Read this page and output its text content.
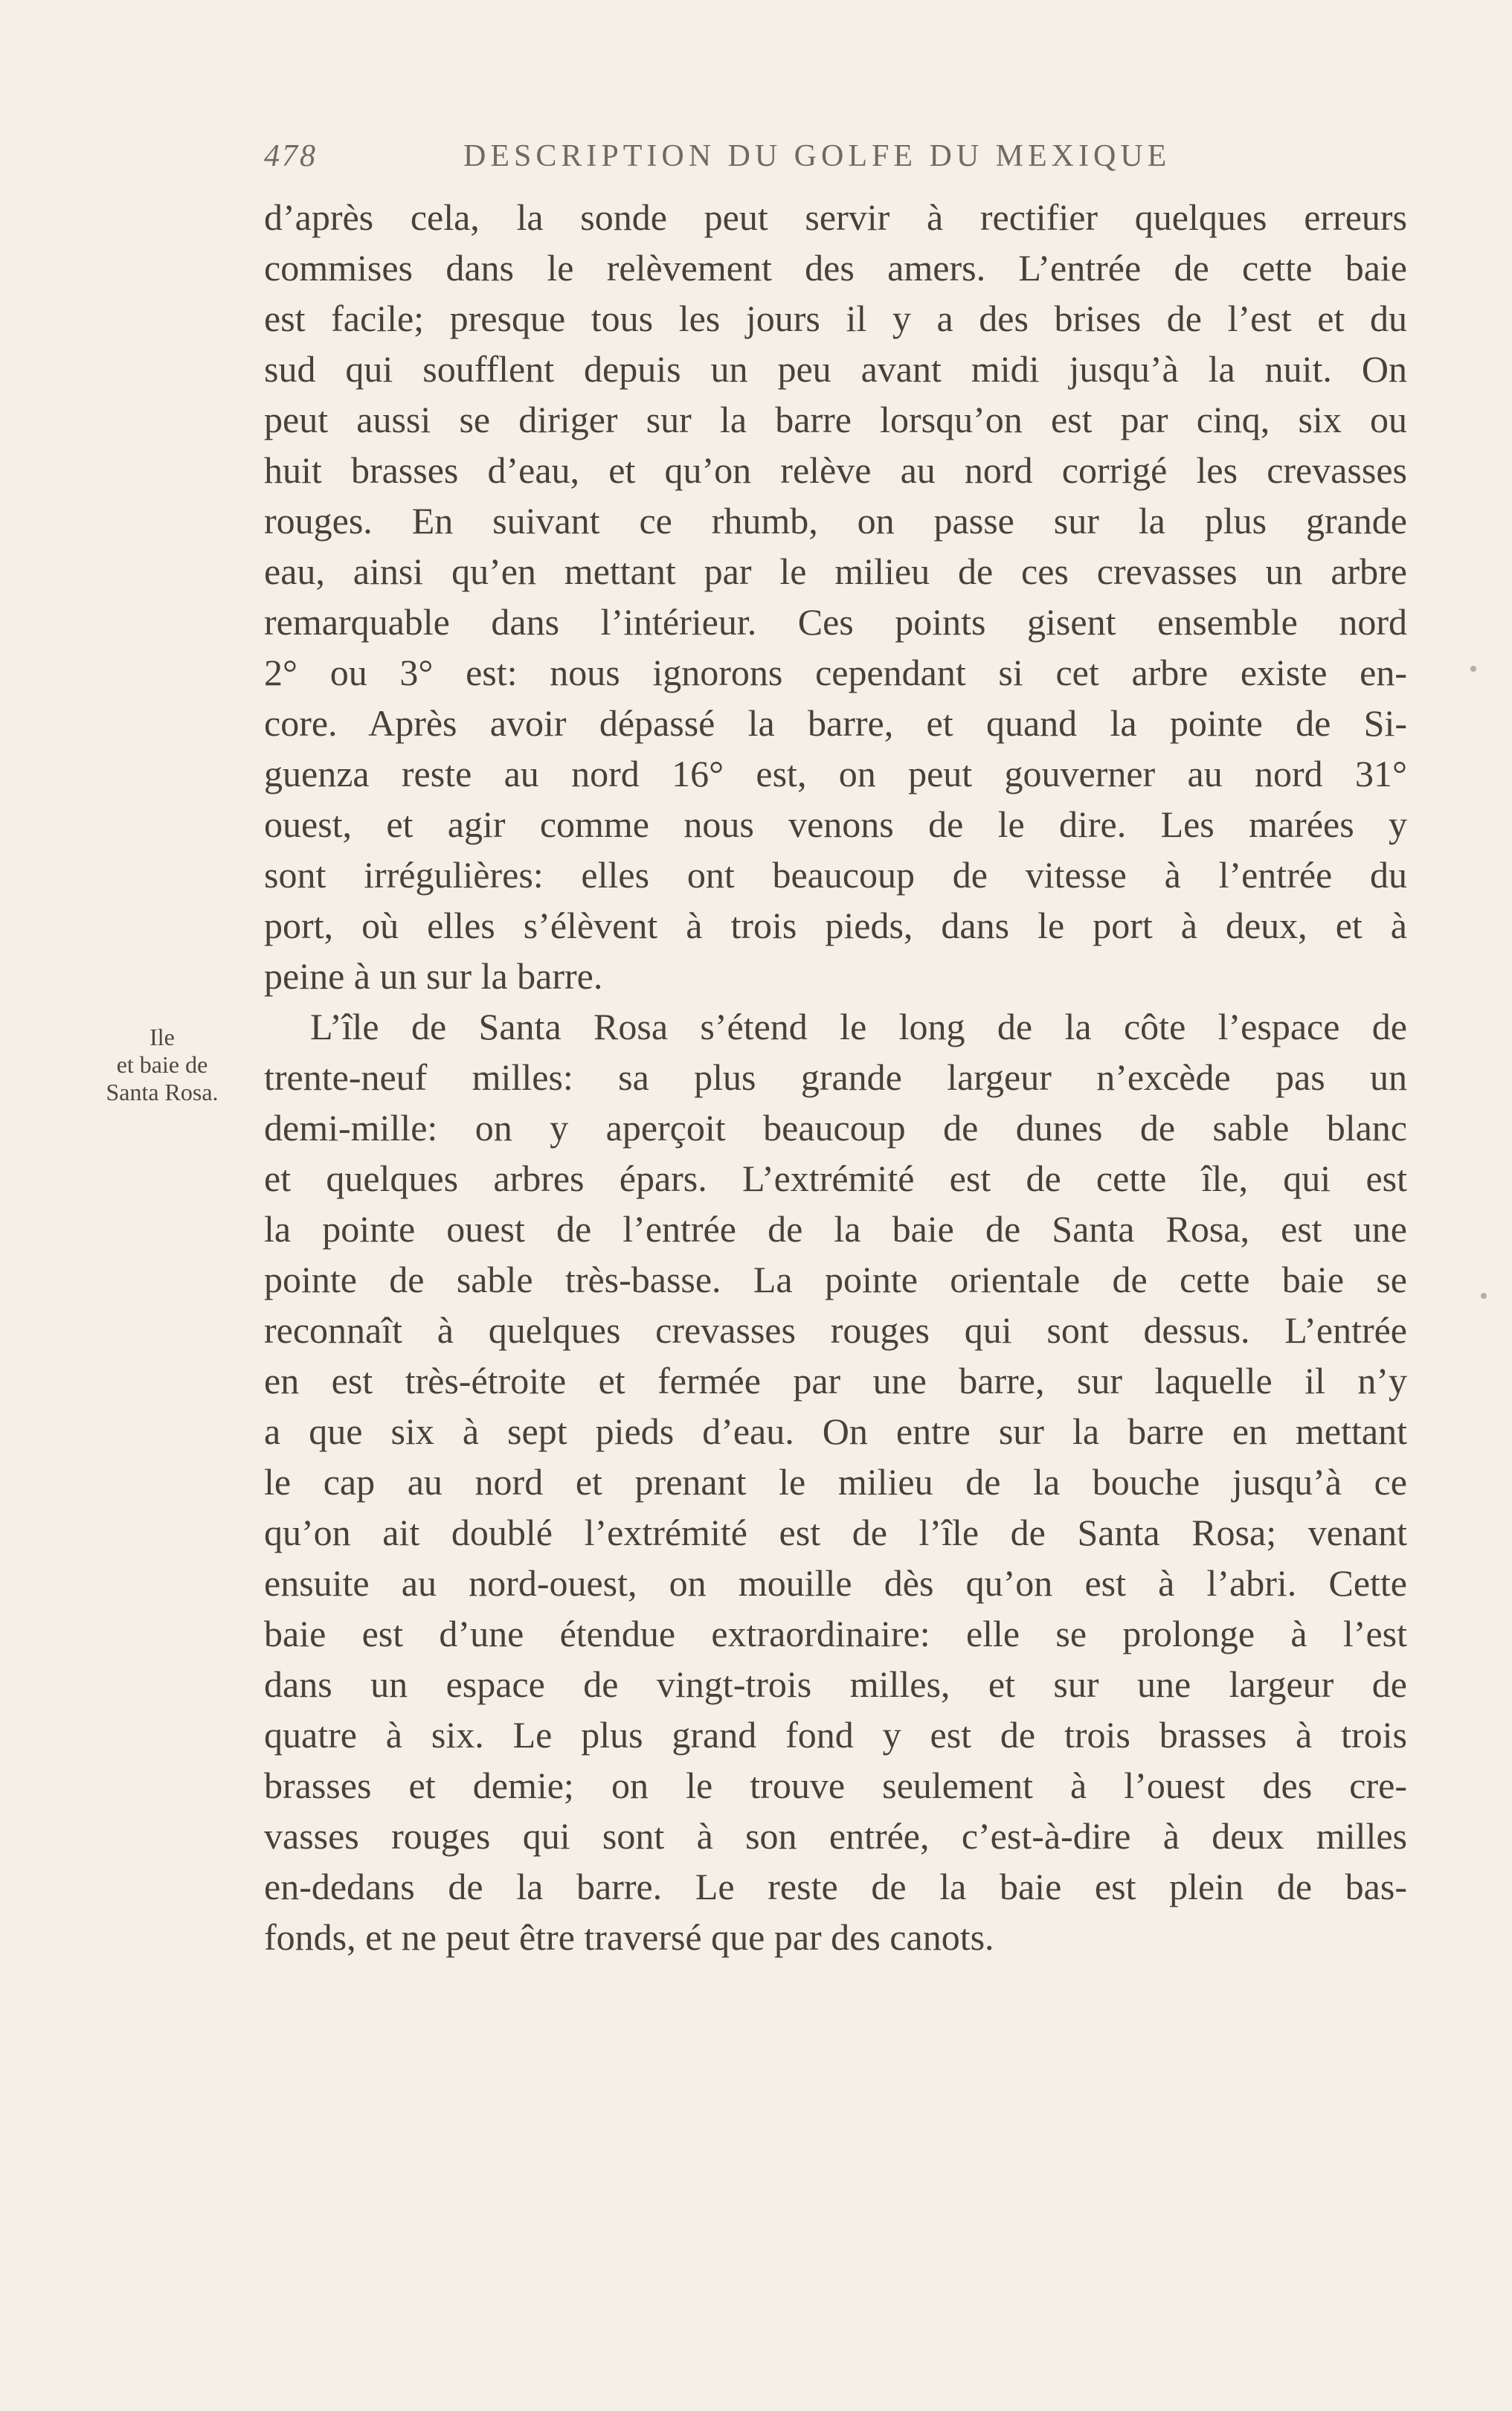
478	DESCRIPTION DU GOLFE DU MEXIQUE
Ile
et baie de
Santa Rosa.
d’après cela, la sonde peut servir à rectifier quelques erreurs
commises dans le relèvement des amers. L’entrée de cette baie
est facile; presque tous les jours il y a des brises de l’est et du
sud qui soufflent depuis un peu avant midi jusqu’à la nuit. On
peut aussi se diriger sur la barre lorsqu’on est par cinq, six ou
huit brasses d’eau, et qu’on relève au nord corrigé les crevasses
rouges. En suivant ce rhumb, on passe sur la plus grande
eau, ainsi qu’en mettant par le milieu de ces crevasses un arbre
remarquable dans l’intérieur. Ces points gisent ensemble nord
2° ou 3° est: nous ignorons cependant si cet arbre existe en-
core. Après avoir dépassé la barre, et quand la pointe de Si-
guenza reste au nord 16° est, on peut gouverner au nord 31°
ouest, et agir comme nous venons de le dire. Les marées y
sont irrégulières: elles ont beaucoup de vitesse à l’entrée du
port, où elles s’élèvent à trois pieds, dans le port à deux, et à
peine à un sur la barre.
L’île de Santa Rosa s’étend le long de la côte l’espace de
trente-neuf milles: sa plus grande largeur n’excède pas un
demi-mille: on y aperçoit beaucoup de dunes de sable blanc
et quelques arbres épars. L’extrémité est de cette île, qui est
la pointe ouest de l’entrée de la baie de Santa Rosa, est une
pointe de sable très-basse. La pointe orientale de cette baie se
reconnaît à quelques crevasses rouges qui sont dessus. L’entrée
en est très-étroite et fermée par une barre, sur laquelle il n’y
a que six à sept pieds d’eau. On entre sur la barre en mettant
le cap au nord et prenant le milieu de la bouche jusqu’à ce
qu’on ait doublé l’extrémité est de l’île de Santa Rosa; venant
ensuite au nord-ouest, on mouille dès qu’on est à l’abri. Cette
baie est d’une étendue extraordinaire: elle se prolonge à l’est
dans un espace de vingt-trois milles, et sur une largeur de
quatre à six. Le plus grand fond y est de trois brasses à trois
brasses et demie; on le trouve seulement à l’ouest des cre-
vasses rouges qui sont à son entrée, c’est-à-dire à deux milles
en-dedans de la barre. Le reste de la baie est plein de bas-
fonds, et ne peut être traversé que par des canots.
